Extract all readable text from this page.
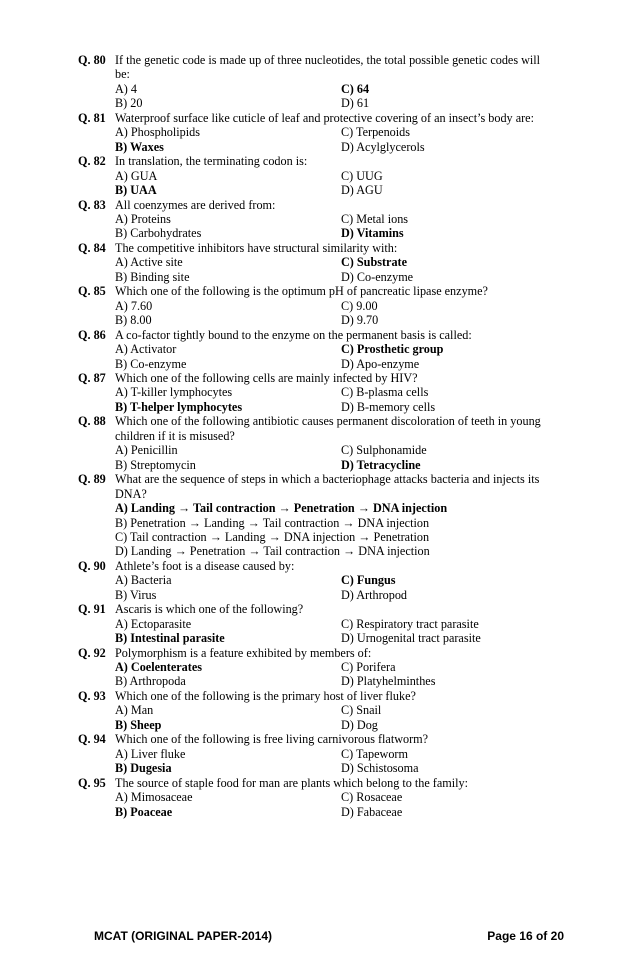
Q. 80 If the genetic code is made up of three nucleotides, the total possible genetic codes will be:
A) 4	C) 64
B) 20	D) 61
Q. 81 Waterproof surface like cuticle of leaf and protective covering of an insect’s body are:
A) Phospholipids	C) Terpenoids
B) Waxes	D) Acylglycerols
Q. 82 In translation, the terminating codon is:
A) GUA	C) UUG
B) UAA	D) AGU
Q. 83 All coenzymes are derived from:
A) Proteins	C) Metal ions
B) Carbohydrates	D) Vitamins
Q. 84 The competitive inhibitors have structural similarity with:
A) Active site	C) Substrate
B) Binding site	D) Co-enzyme
Q. 85 Which one of the following is the optimum pH of pancreatic lipase enzyme?
A) 7.60	C) 9.00
B) 8.00	D) 9.70
Q. 86 A co-factor tightly bound to the enzyme on the permanent basis is called:
A) Activator	C) Prosthetic group
B) Co-enzyme	D) Apo-enzyme
Q. 87 Which one of the following cells are mainly infected by HIV?
A) T-killer lymphocytes	C) B-plasma cells
B) T-helper lymphocytes	D) B-memory cells
Q. 88 Which one of the following antibiotic causes permanent discoloration of teeth in young children if it is misused?
A) Penicillin	C) Sulphonamide
B) Streptomycin	D) Tetracycline
Q. 89 What are the sequence of steps in which a bacteriophage attacks bacteria and injects its DNA?
A) Landing → Tail contraction → Penetration → DNA injection
B) Penetration → Landing → Tail contraction → DNA injection
C) Tail contraction → Landing → DNA injection → Penetration
D) Landing → Penetration → Tail contraction → DNA injection
Q. 90 Athlete’s foot is a disease caused by:
A) Bacteria	C) Fungus
B) Virus	D) Arthropod
Q. 91 Ascaris is which one of the following?
A) Ectoparasite	C) Respiratory tract parasite
B) Intestinal parasite	D) Urnogenital tract parasite
Q. 92 Polymorphism is a feature exhibited by members of:
A) Coelenterates	C) Porifera
B) Arthropoda	D) Platyhelminthes
Q. 93 Which one of the following is the primary host of liver fluke?
A) Man	C) Snail
B) Sheep	D) Dog
Q. 94 Which one of the following is free living carnivorous flatworm?
A) Liver fluke	C) Tapeworm
B) Dugesia	D) Schistosoma
Q. 95 The source of staple food for man are plants which belong to the family:
A) Mimosaceae	C) Rosaceae
B) Poaceae	D) Fabaceae
MCAT (ORIGINAL PAPER-2014)	Page 16 of 20
